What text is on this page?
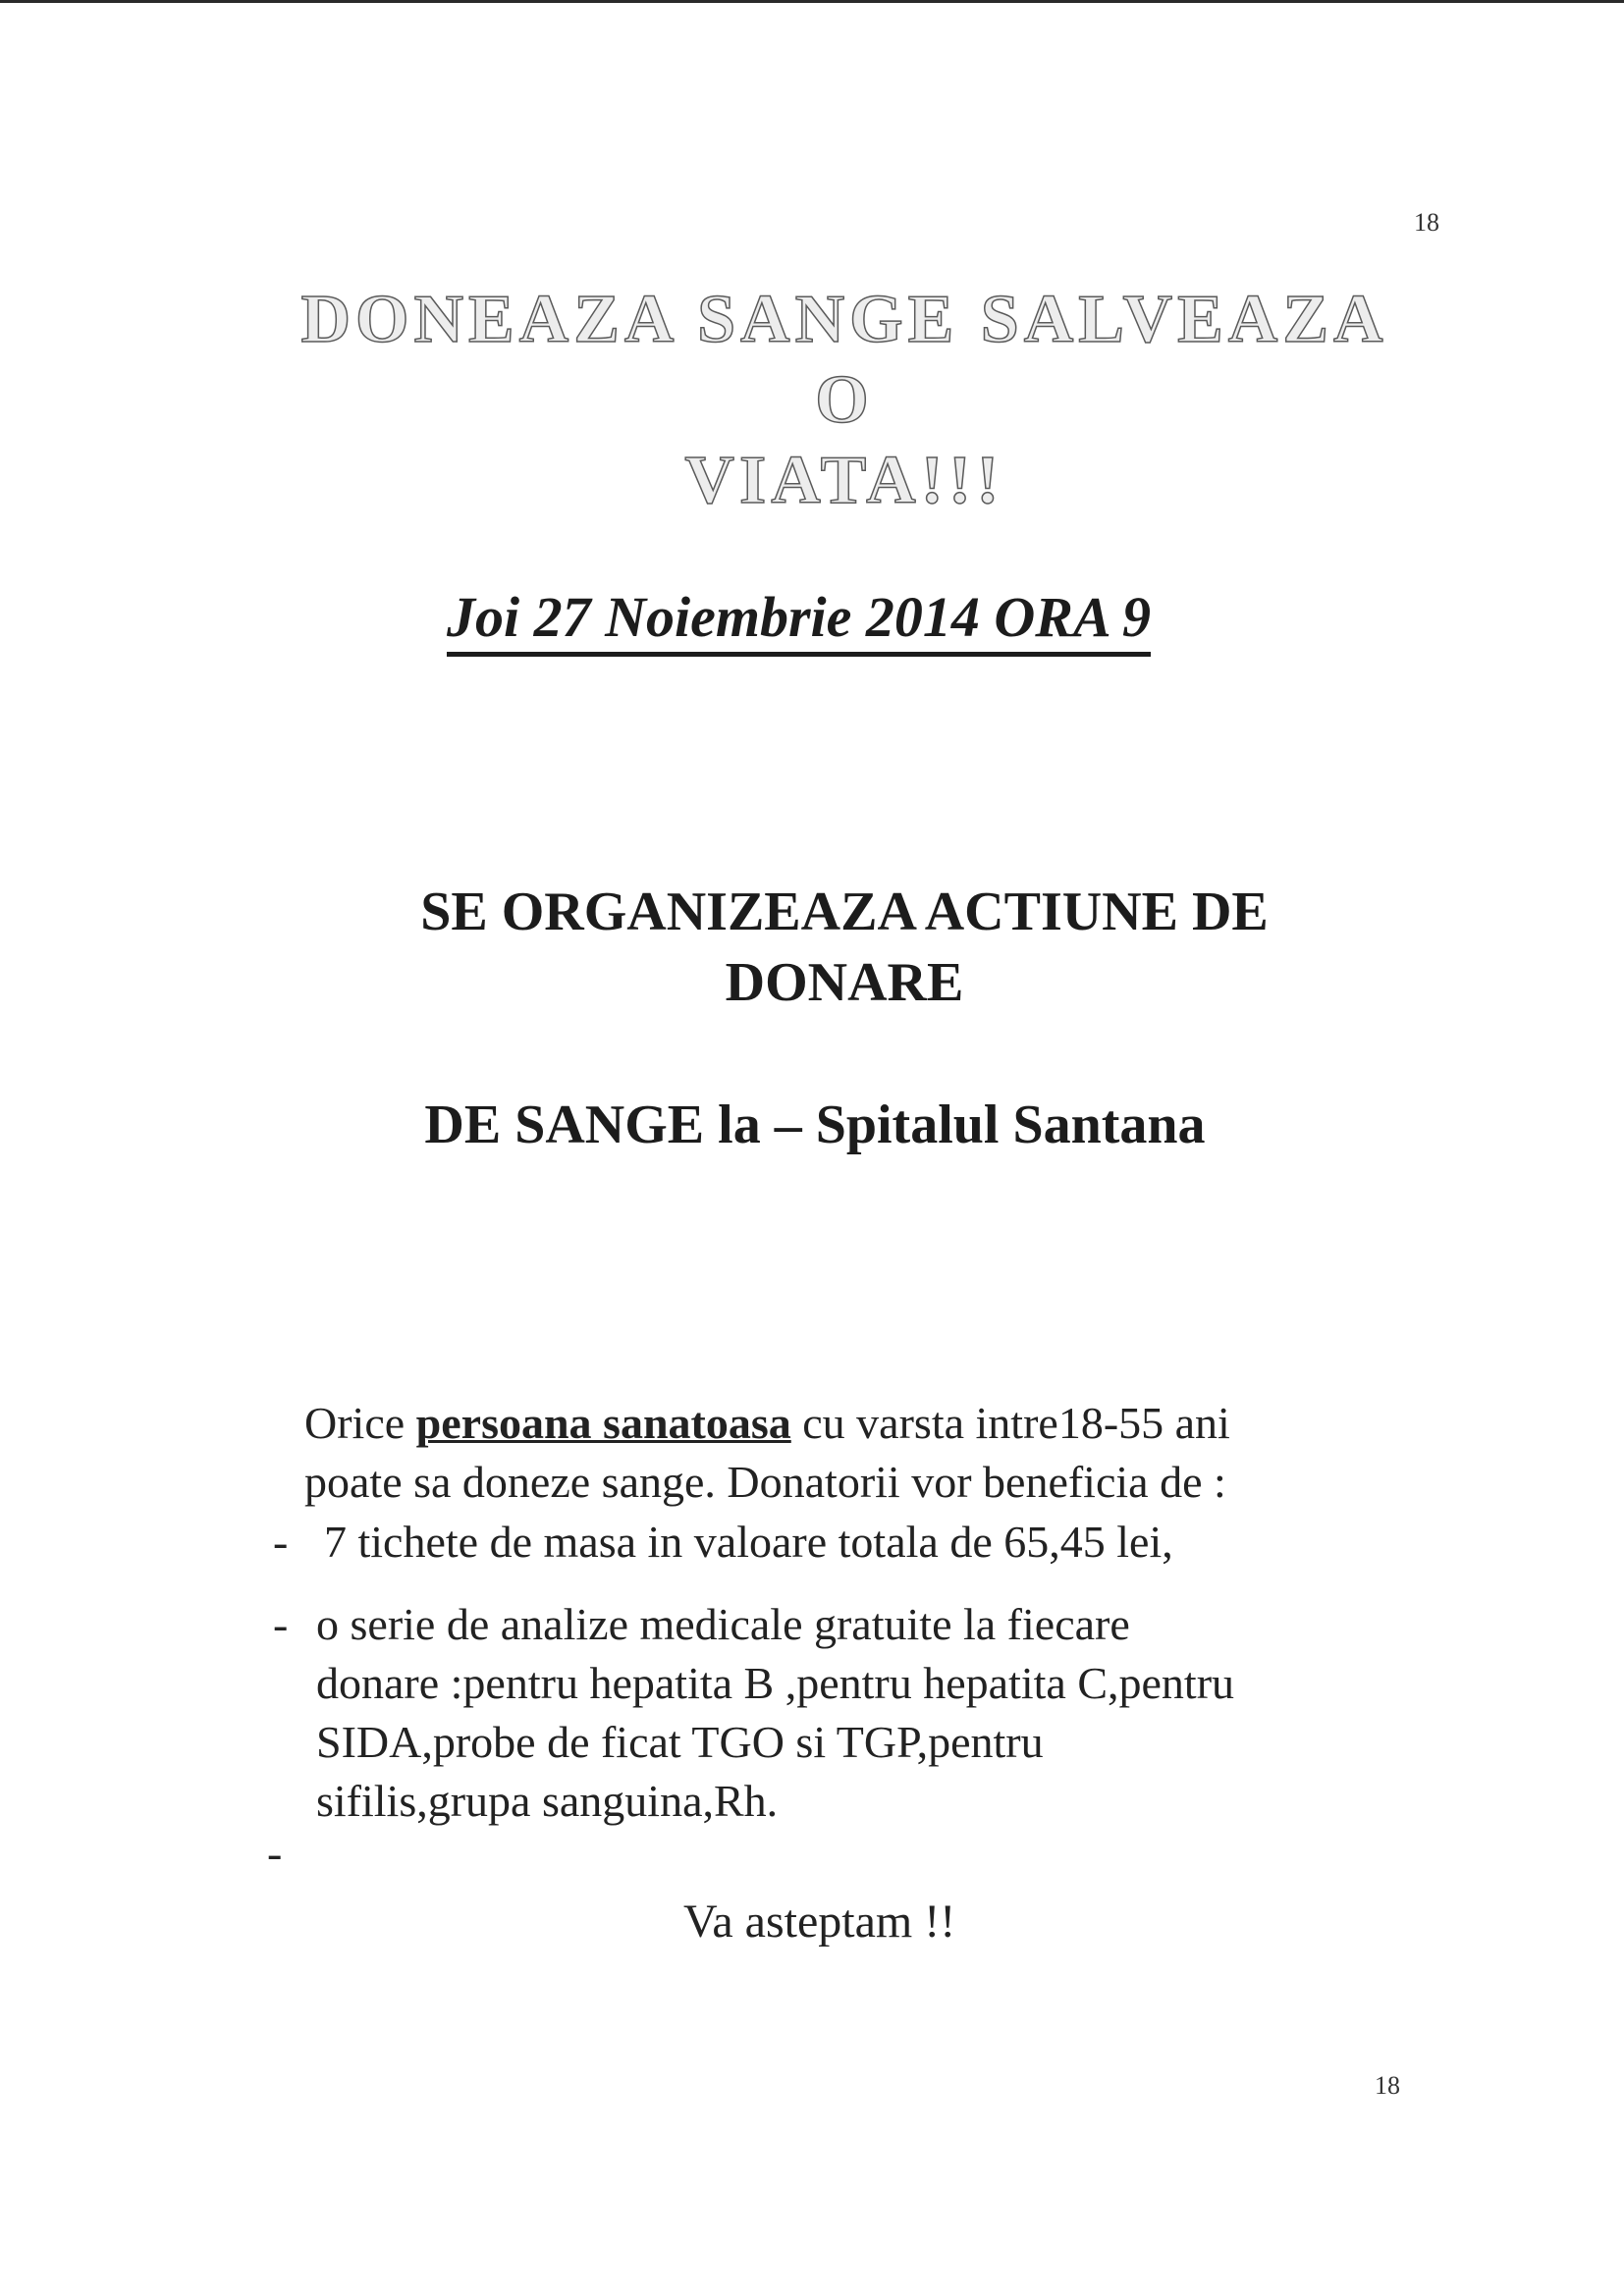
18
DONEAZA SANGE SALVEAZA O
VIATA!!!
Joi 27 Noiembrie 2014 ORA 9
SE ORGANIZEAZA ACTIUNE DE
DONARE
DE SANGE la – Spitalul Santana
Orice persoana sanatoasa cu varsta intre18-55 ani
poate sa doneze sange. Donatorii vor beneficia de :
- 7 tichete de masa in valoare totala de 65,45 lei,
- o serie de analize medicale gratuite la fiecare
donare :pentru hepatita B ,pentru hepatita C,pentru
SIDA,probe de ficat TGO si TGP,pentru
sifilis,grupa sanguina,Rh.
-
Va asteptam !!
18
